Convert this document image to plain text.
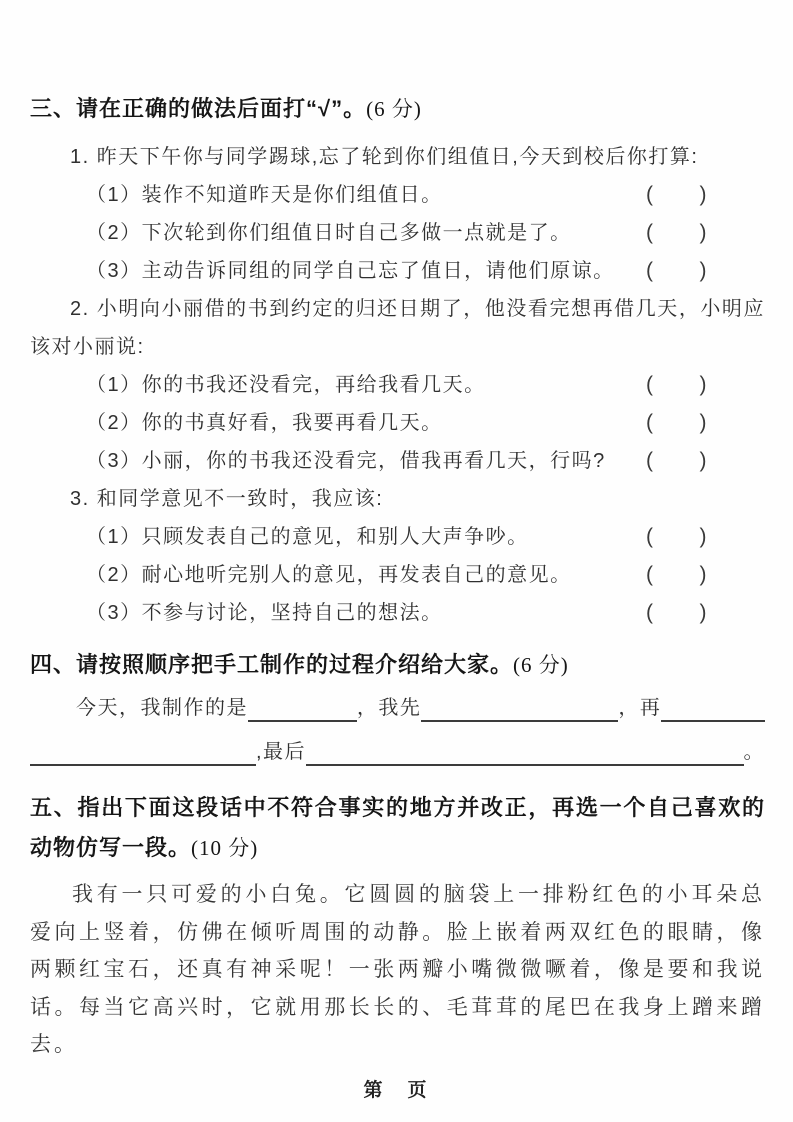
三、请在正确的做法后面打“√”。(6 分)

1. 昨天下午你与同学踢球,忘了轮到你们组值日,今天到校后你打算:

（1）装作不知道昨天是你们组值日。	(　　)
（2）下次轮到你们组值日时自己多做一点就是了。	(　　)
（3）主动告诉同组的同学自己忘了值日，请他们原谅。 (　　)

2. 小明向小丽借的书到约定的归还日期了，他没看完想再借几天，小明应该对小丽说:

（1）你的书我还没看完，再给我看几天。	(　　)
（2）你的书真好看，我要再看几天。	(　　)
（3）小丽，你的书我还没看完，借我再看几天，行吗? (　　)

3. 和同学意见不一致时，我应该:

（1）只顾发表自己的意见，和别人大声争吵。	(　　)
（2）耐心地听完别人的意见，再发表自己的意见。	(　　)
（3）不参与讨论，坚持自己的想法。	(　　)
四、请按照顺序把手工制作的过程介绍给大家。(6 分)
今天，我制作的是	，我先	，再
,最后	。
五、指出下面这段话中不符合事实的地方并改正，再选一个自己喜欢的动物仿写一段。(10 分)

我有一只可爱的小白兔。它圆圆的脑袋上一排粉红色的小耳朵总爱向上竖着，仿佛在倾听周围的动静。脸上嵌着两双红色的眼睛，像两颗红宝石，还真有神采呢！一张两瓣小嘴微微噘着，像是要和我说话。每当它高兴时，它就用那长长的、毛茸茸的尾巴在我身上蹭来蹭去。

第　页
